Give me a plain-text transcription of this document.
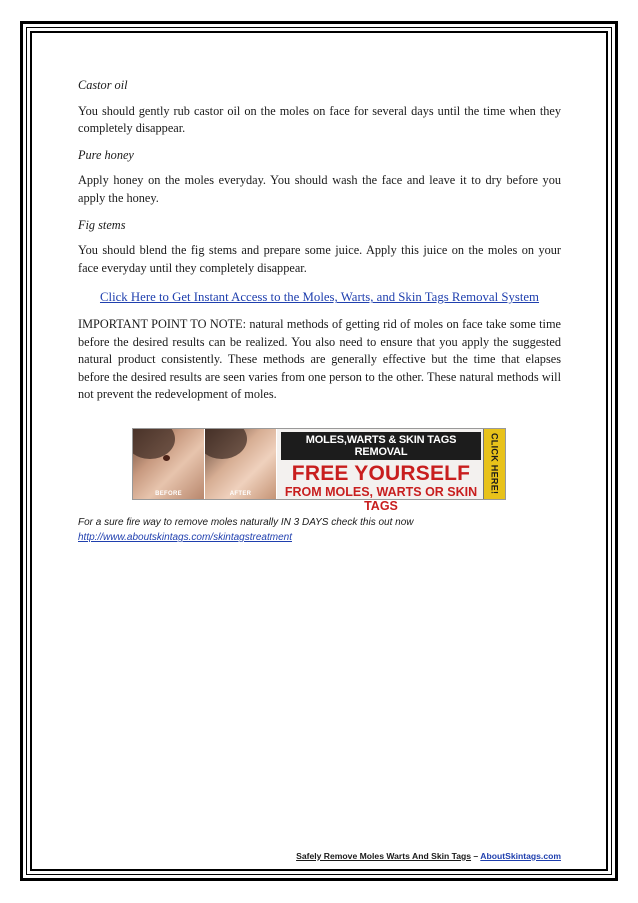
Castor oil

You should gently rub castor oil on the moles on face for several days until the time when they completely disappear.

Pure honey

Apply honey on the moles everyday. You should wash the face and leave it to dry before you apply the honey.

Fig stems

You should blend the fig stems and prepare some juice. Apply this juice on the moles on your face everyday until they completely disappear.

Click Here to Get Instant Access to the Moles, Warts, and Skin Tags Removal System

IMPORTANT POINT TO NOTE: natural methods of getting rid of moles on face take some time before the desired results can be realized. You also need to ensure that you apply the suggested natural product consistently. These methods are generally effective but the time that elapses before the desired results are seen varies from one person to the other. These natural methods will not prevent the redevelopment of moles.

BEFORE	AFTER
MOLES,WARTS & SKIN TAGS REMOVAL
FREE YOURSELF
FROM MOLES, WARTS OR SKIN TAGS
CLICK HERE!
For a sure fire way to remove moles naturally IN 3 DAYS check this out now
http://www.aboutskintags.com/skintagstreatment
Safely Remove Moles Warts And Skin Tags – AboutSkintags.com
